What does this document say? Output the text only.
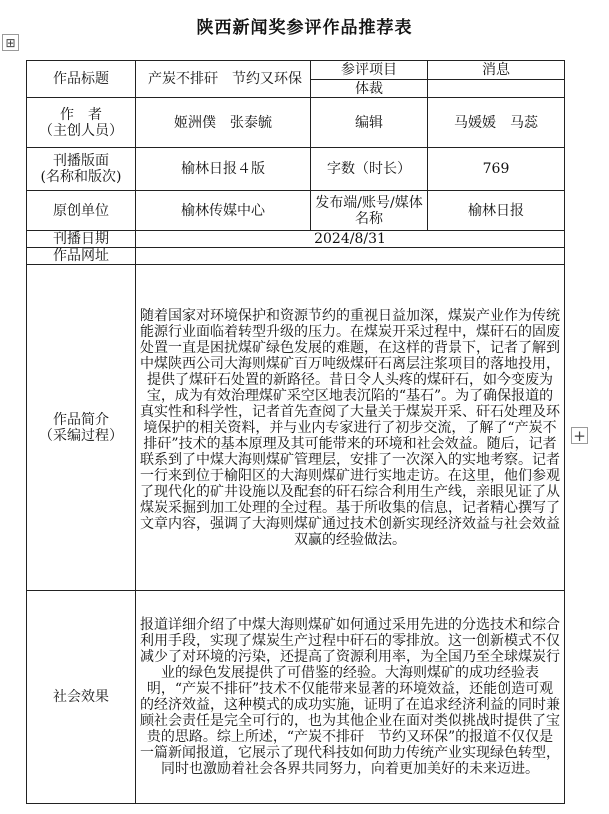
陕西新闻奖参评作品推荐表
⊞
+
作品标题	产炭不排矸　节约又环保	参评项目	消息
		体裁	

作　者
（主创人员）	姬洲僕　张泰毓	编辑	马媛媛　马蕊

刊播版面
(名称和版次)	榆林日报４版	字数（时长）	769
原创单位	榆林传媒中心	发布端/账号/媒体名称	榆林日报
刊播日期	2024/8/31		
作品网址			

作品简介
（采编过程）	随着国家对环境保护和资源节约的重视日益加深，煤炭产业作为传统能源行业面临着转型升级的压力。在煤炭开采过程中，煤矸石的固废处置一直是困扰煤矿绿色发展的难题，在这样的背景下，记者了解到中煤陕西公司大海则煤矿百万吨级煤矸石离层注浆项目的落地投用，提供了煤矸石处置的新路径。昔日令人头疼的煤矸石，如今变废为宝，成为有效治理煤矿采空区地表沉陷的“基石”。为了确保报道的真实性和科学性，记者首先查阅了大量关于煤炭开采、矸石处理及环境保护的相关资料，并与业内专家进行了初步交流，了解了“产炭不排矸”技术的基本原理及其可能带来的环境和社会效益。随后，记者联系到了中煤大海则煤矿管理层，安排了一次深入的实地考察。记者一行来到位于榆阳区的大海则煤矿进行实地走访。在这里，他们参观了现代化的矿井设施以及配套的矸石综合利用生产线，亲眼见证了从煤炭采掘到加工处理的全过程。基于所收集的信息，记者精心撰写了文章内容，强调了大海则煤矿通过技术创新实现经济效益与社会效益双赢的经验做法。		
社会效果	报道详细介绍了中煤大海则煤矿如何通过采用先进的分选技术和综合利用手段，实现了煤炭生产过程中矸石的零排放。这一创新模式不仅减少了对环境的污染，还提高了资源利用率，为全国乃至全球煤炭行业的绿色发展提供了可借鉴的经验。大海则煤矿的成功经验表明，“产炭不排矸”技术不仅能带来显著的环境效益，还能创造可观的经济效益，这种模式的成功实施，证明了在追求经济利益的同时兼顾社会责任是完全可行的，也为其他企业在面对类似挑战时提供了宝贵的思路。综上所述，“产炭不排矸　节约又环保”的报道不仅仅是一篇新闻报道，它展示了现代科技如何助力传统产业实现绿色转型，同时也激励着社会各界共同努力，向着更加美好的未来迈进。		
